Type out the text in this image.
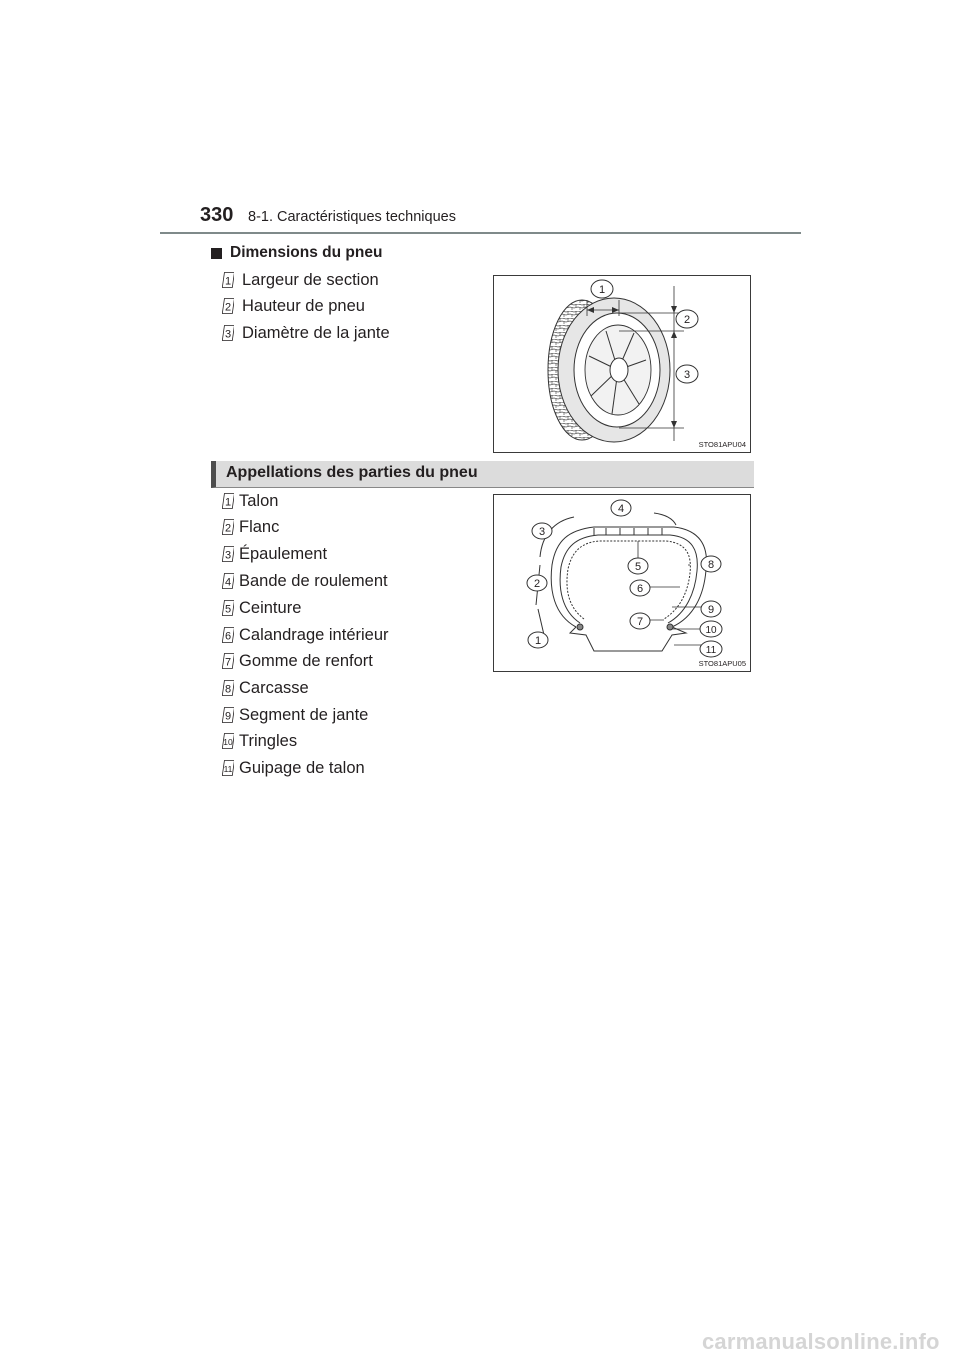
330 8-1. Caractéristiques techniques
Dimensions du pneu
1 Largeur de section
2 Hauteur de pneu
3 Diamètre de la jante
1
2
3
STO81APU04
Appellations des parties du pneu
1 Talon
2 Flanc
3 Épaulement
4 Bande de roulement
5 Ceinture
6 Calandrage intérieur
7 Gomme de renfort
8 Carcasse
9 Segment de jante
10 Tringles
11 Guipage de talon
1
2
3
4
5
6
7
8
9
10
11
STO81APU05
carmanualsonline.info
